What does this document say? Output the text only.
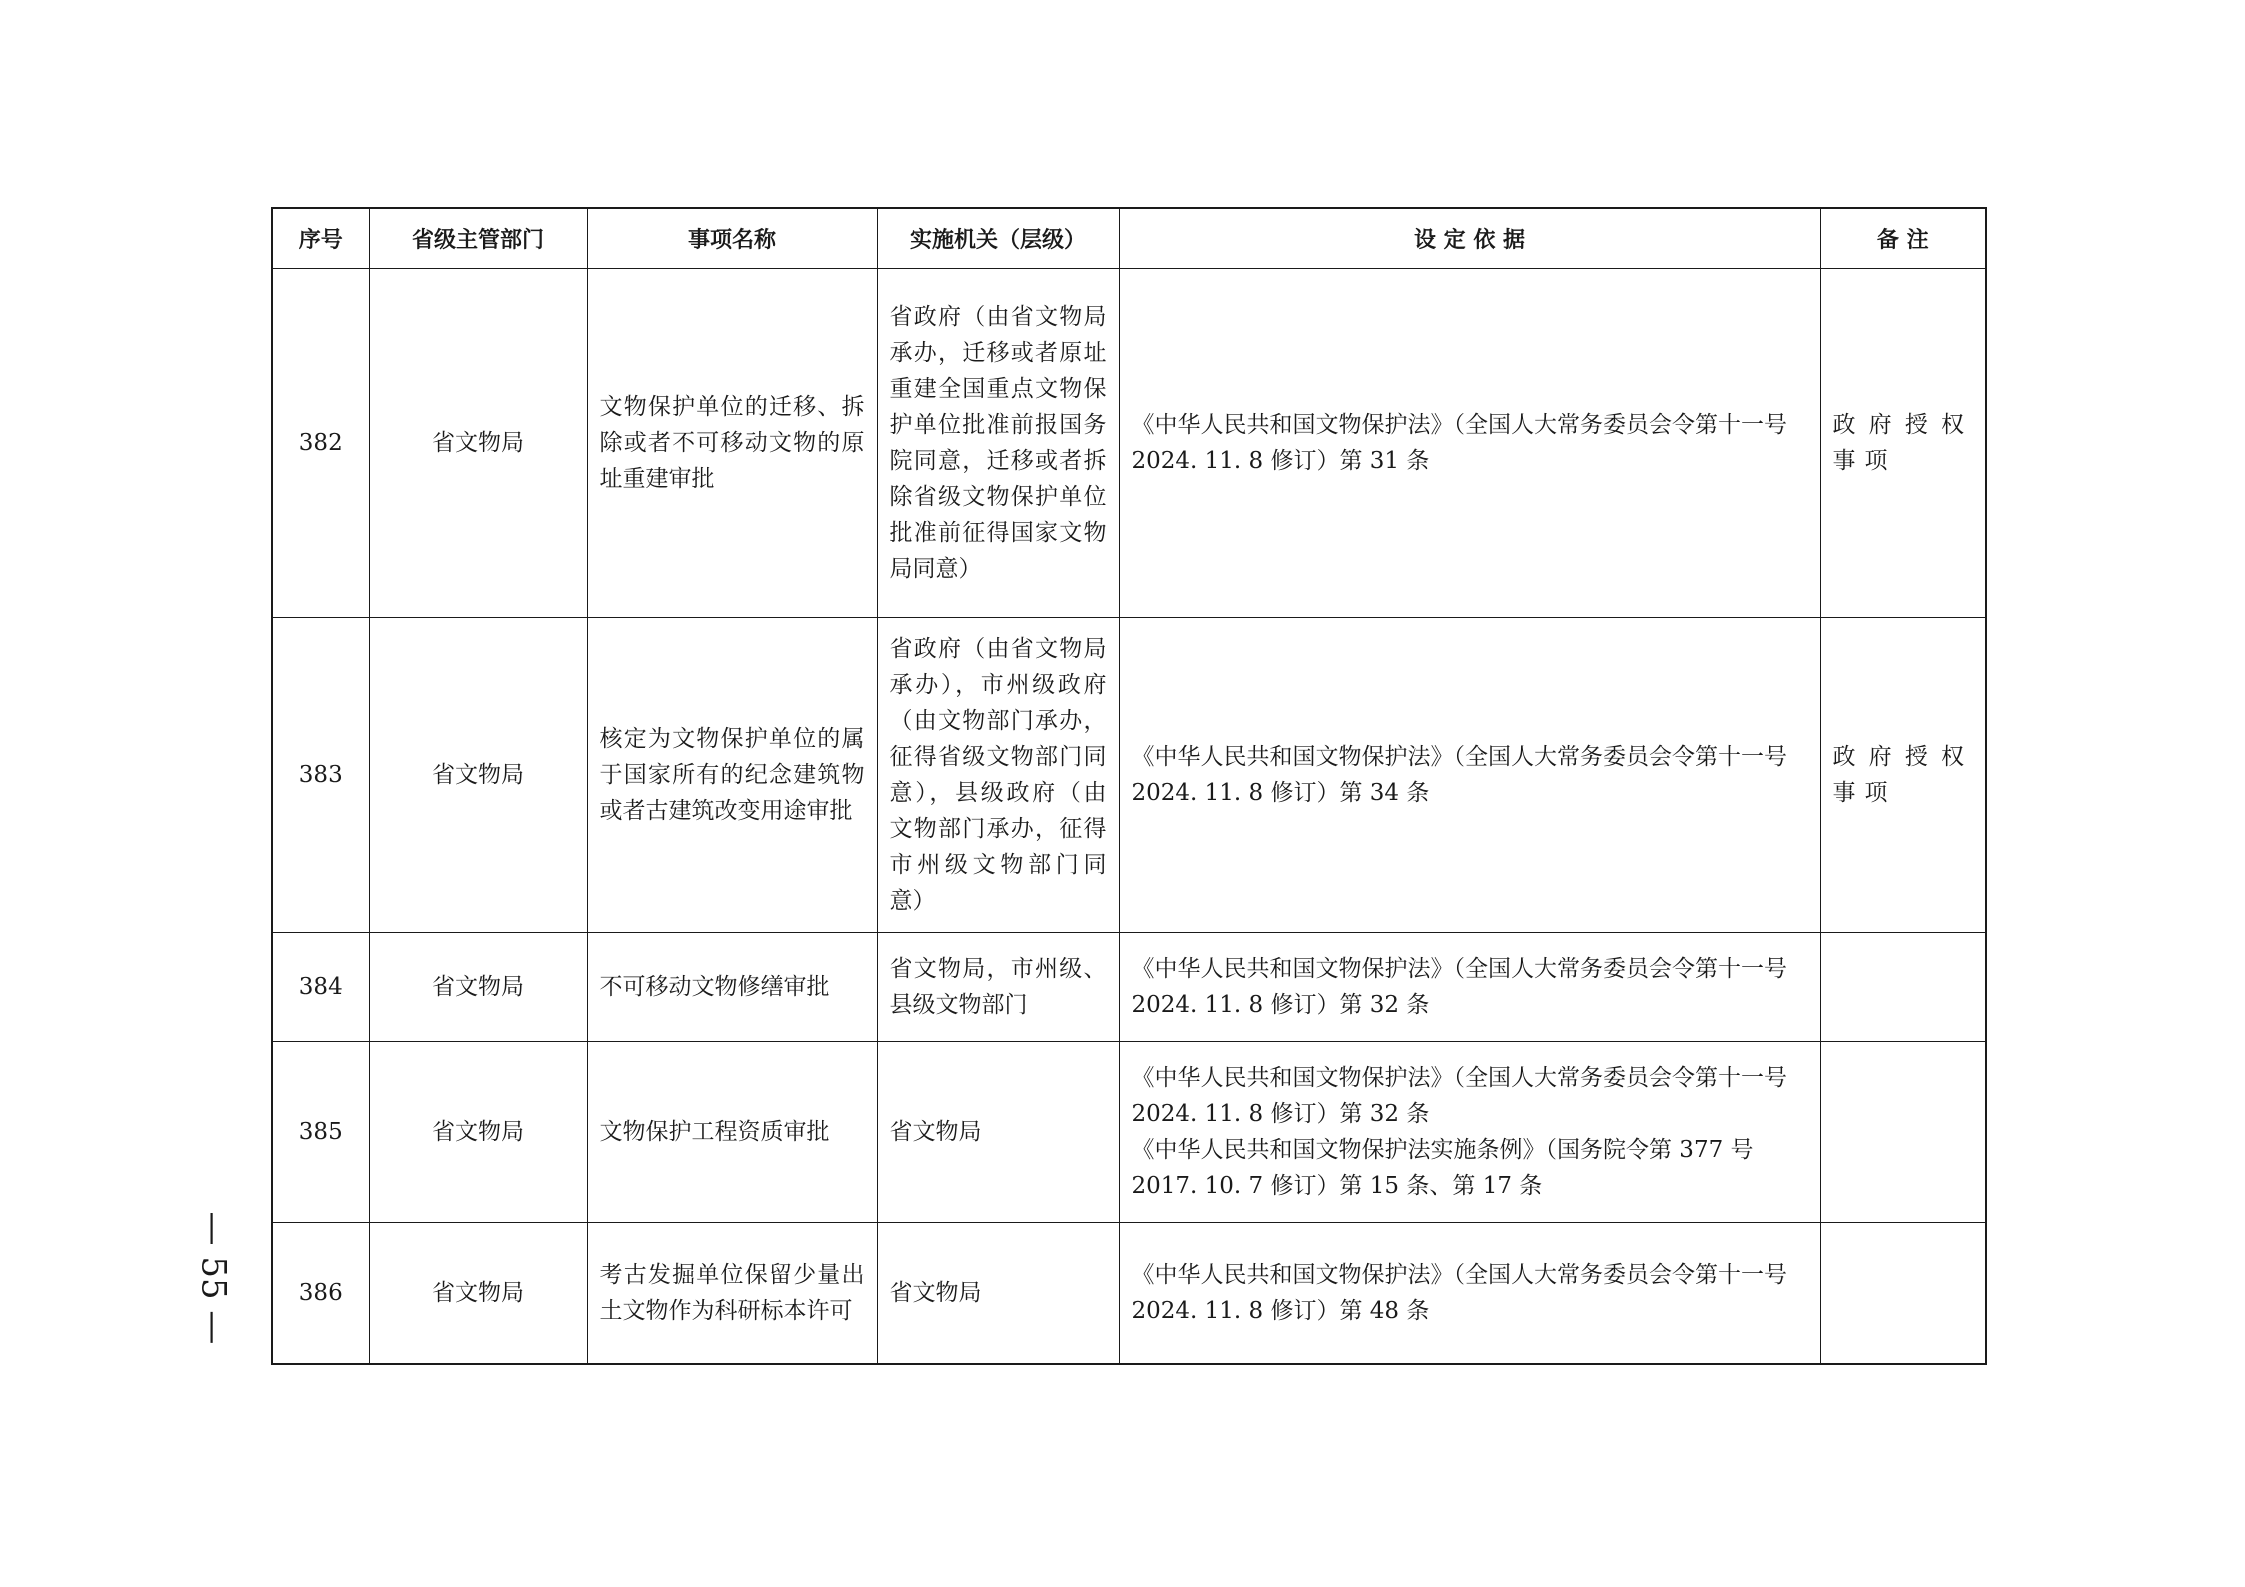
序号	省级主管部门	事项名称	实施机关（层级）	设 定 依 据	备 注
382	省文物局	文物保护单位的迁移、拆除或者不可移动文物的原址重建审批	省政府（由省文物局承办，迁移或者原址重建全国重点文物保护单位批准前报国务院同意，迁移或者拆除省级文物保护单位批准前征得国家文物局同意）	《中华人民共和国文物保护法》（全国人大常务委员会令第十一号 2024. 11. 8 修订）第 31 条	政府授权事项
383	省文物局	核定为文物保护单位的属于国家所有的纪念建筑物或者古建筑改变用途审批	省政府（由省文物局承办），市州级政府（由文物部门承办，征得省级文物部门同意），县级政府（由文物部门承办，征得市州级文物部门同意）	《中华人民共和国文物保护法》（全国人大常务委员会令第十一号 2024. 11. 8 修订）第 34 条	政府授权事项
384	省文物局	不可移动文物修缮审批	省文物局，市州级、县级文物部门	《中华人民共和国文物保护法》（全国人大常务委员会令第十一号 2024. 11. 8 修订）第 32 条	

385	省文物局	文物保护工程资质审批	省文物局	《中华人民共和国文物保护法》（全国人大常务委员会令第十一号 2024. 11. 8 修订）第 32 条
《中华人民共和国文物保护法实施条例》（国务院令第 377 号 2017. 10. 7 修订）第 15 条、第 17 条	

386	省文物局	考古发掘单位保留少量出土文物作为科研标本许可	省文物局	《中华人民共和国文物保护法》（全国人大常务委员会令第十一号 2024. 11. 8 修订）第 48 条	

— 55 —
